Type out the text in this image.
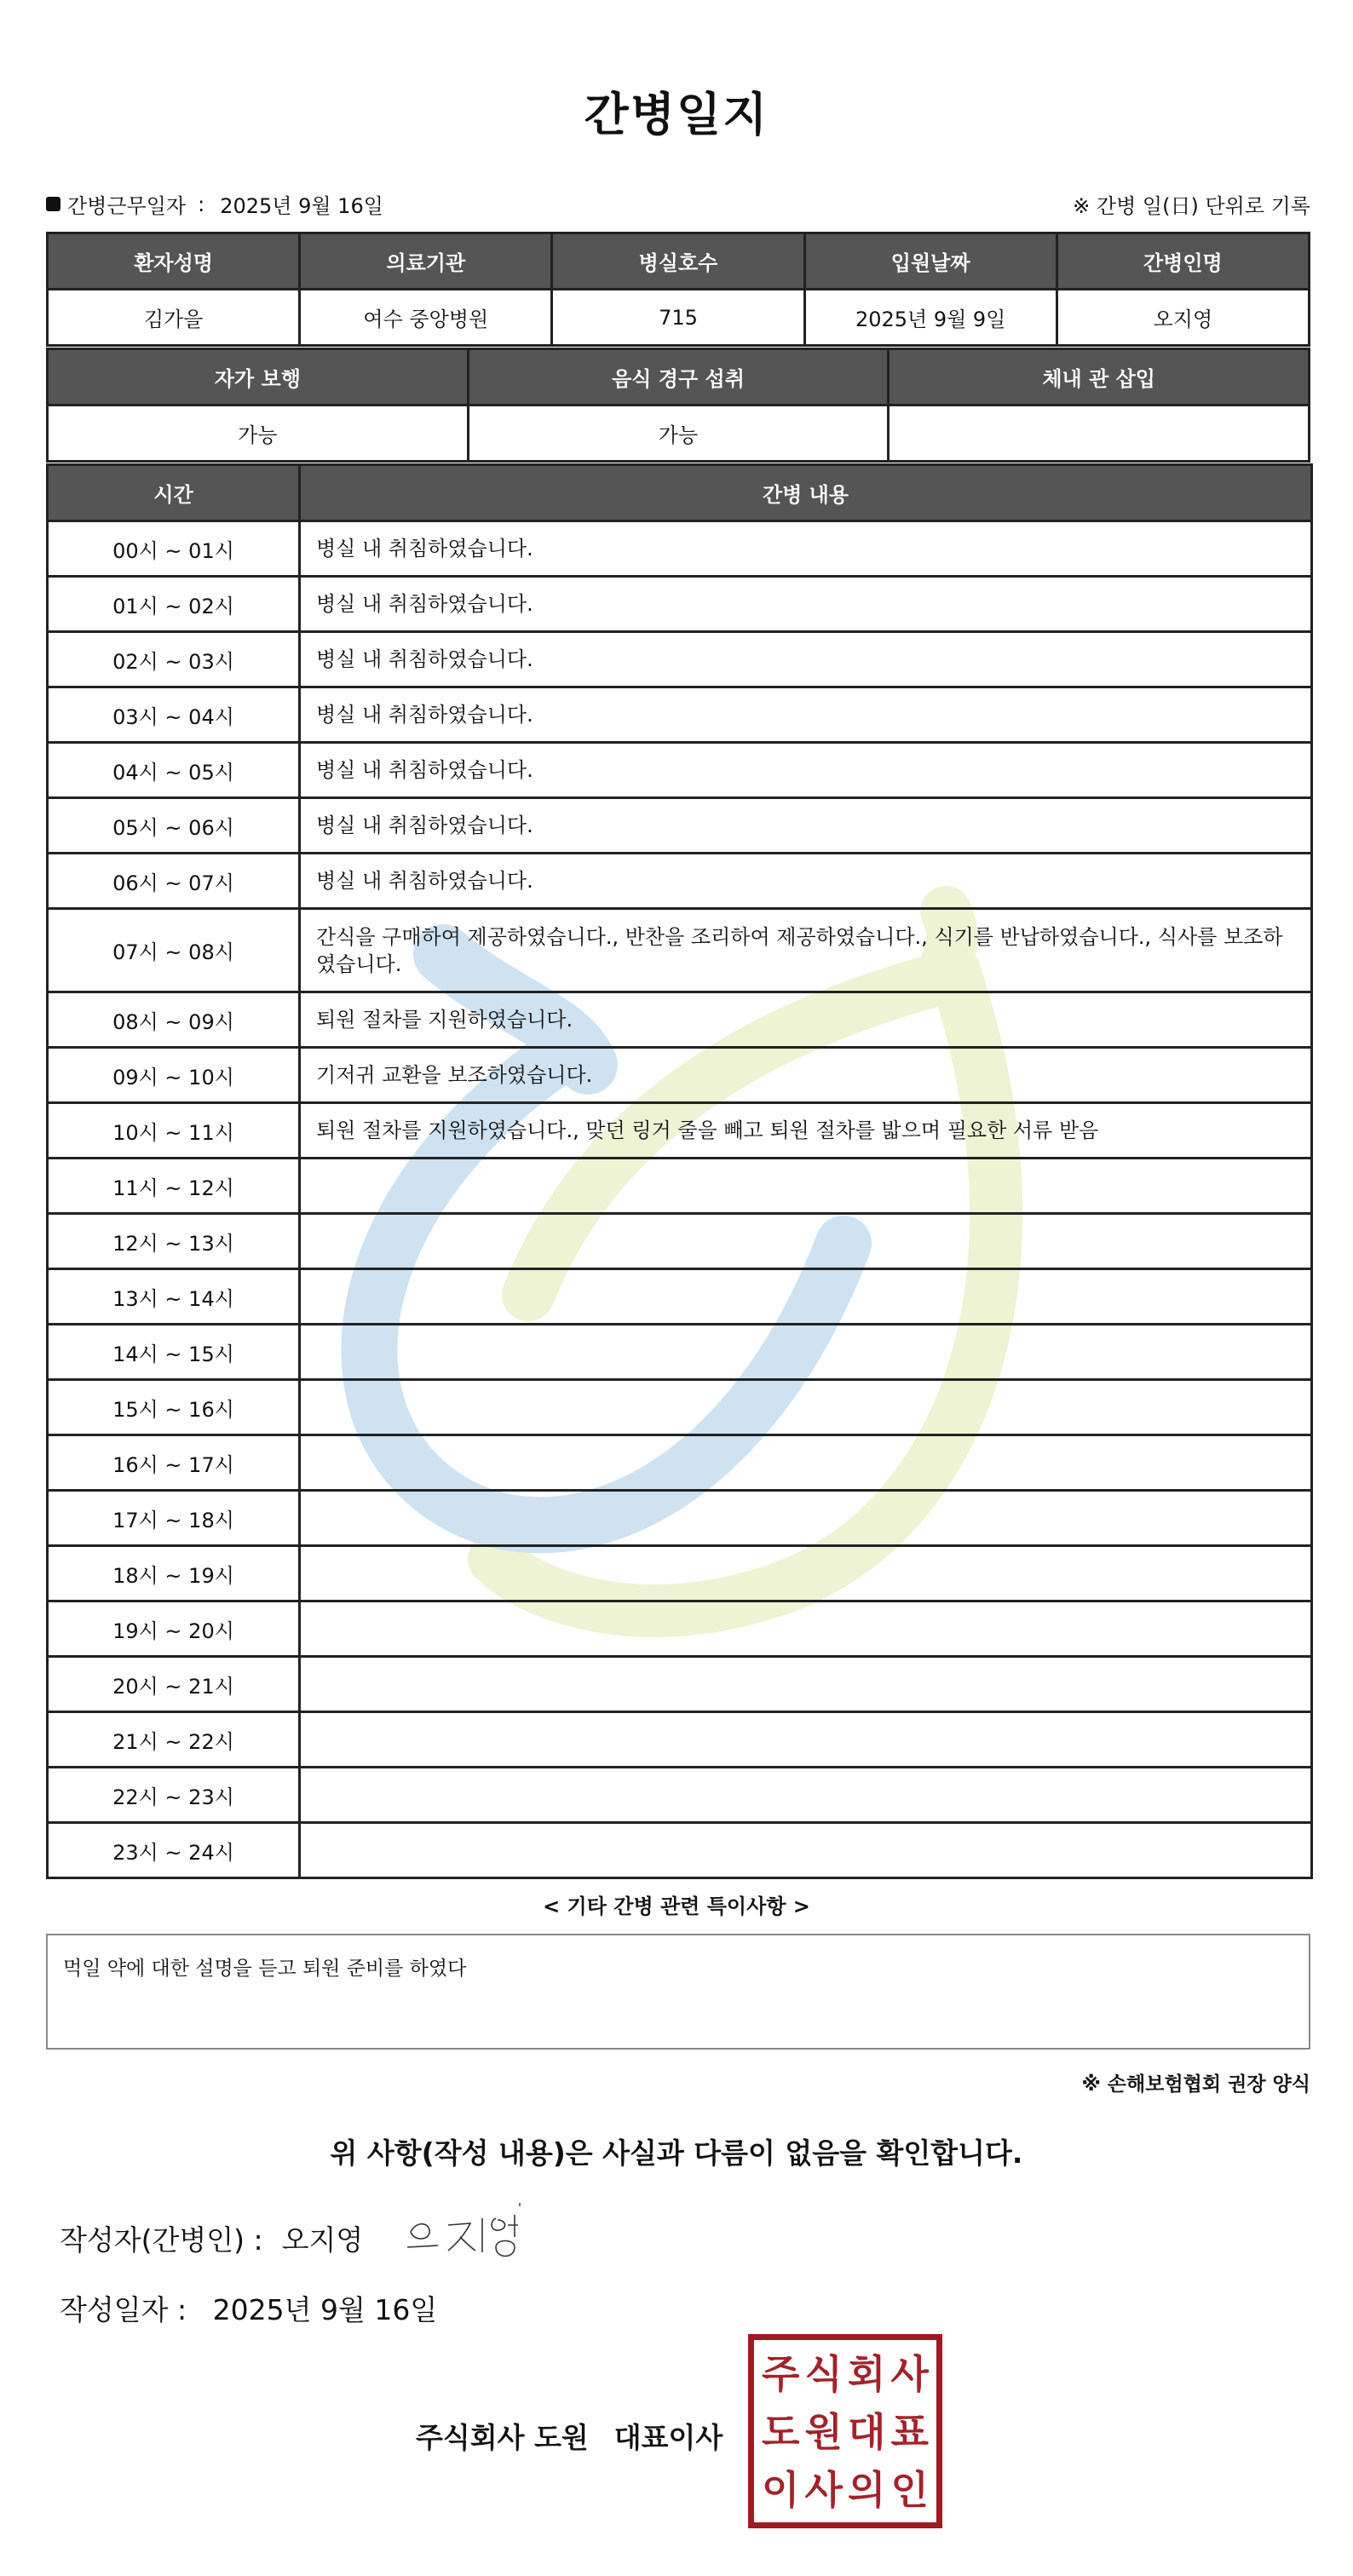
간병일지
간병근무일자 : 2025년 9월 16일	※ 간병 일(日) 단위로 기록
환자성명	의료기관	병실호수	입원날짜	간병인명
김가을	여수 중앙병원	715	2025년 9월 9일	오지영
자가 보행	음식 경구 섭취	체내 관 삽입
가능	가능	
시간	간병 내용
00시 ~ 01시	병실 내 취침하였습니다.
01시 ~ 02시	병실 내 취침하였습니다.
02시 ~ 03시	병실 내 취침하였습니다.
03시 ~ 04시	병실 내 취침하였습니다.
04시 ~ 05시	병실 내 취침하였습니다.
05시 ~ 06시	병실 내 취침하였습니다.
06시 ~ 07시	병실 내 취침하였습니다.
07시 ~ 08시	간식을 구매하여 제공하였습니다., 반찬을 조리하여 제공하였습니다., 식기를 반납하였습니다., 식사를 보조하였습니다.
08시 ~ 09시	퇴원 절차를 지원하였습니다.
09시 ~ 10시	기저귀 교환을 보조하였습니다.
10시 ~ 11시	퇴원 절차를 지원하였습니다., 맞던 링거 줄을 빼고 퇴원 절차를 밟으며 필요한 서류 받음
11시 ~ 12시	
12시 ~ 13시	
13시 ~ 14시	
14시 ~ 15시	
15시 ~ 16시	
16시 ~ 17시	
17시 ~ 18시	
18시 ~ 19시	
19시 ~ 20시	
20시 ~ 21시	
21시 ~ 22시	
22시 ~ 23시	
23시 ~ 24시	
< 기타 간병 관련 특이사항 >
먹일 약에 대한 설명을 듣고 퇴원 준비를 하였다
※ 손해보험협회 권장 양식
위 사항(작성 내용)은 사실과 다름이 없음을 확인합니다.
작성자(간병인) : 오지영
작성일자 : 2025년 9월 16일
주식회사 도원 대표이사
주 식 회 사
도 원 대 표
이 사 의 인
